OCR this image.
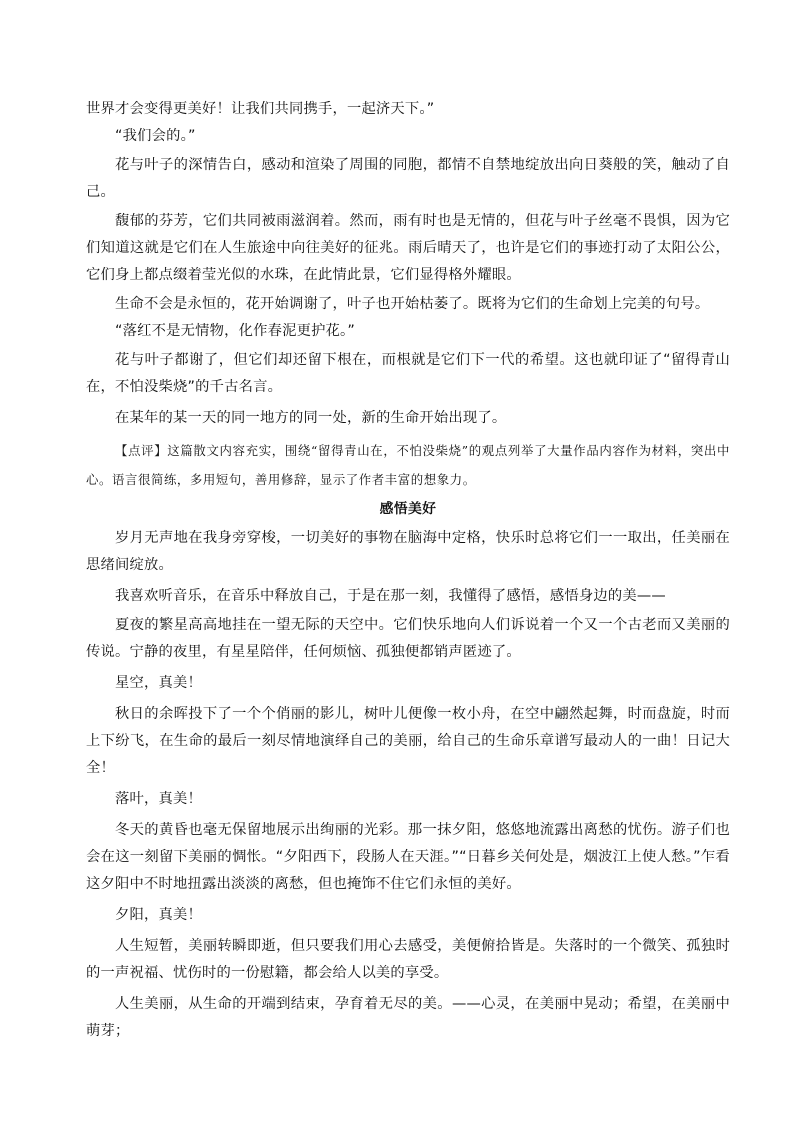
世界才会变得更美好！让我们共同携手，一起济天下。”

“我们会的。”

花与叶子的深情告白，感动和渲染了周围的同胞，都情不自禁地绽放出向日葵般的笑，触动了自己。

馥郁的芬芳，它们共同被雨滋润着。然而，雨有时也是无情的，但花与叶子丝毫不畏惧，因为它们知道这就是它们在人生旅途中向往美好的征兆。雨后晴天了，也许是它们的事迹打动了太阳公公，它们身上都点缀着莹光似的水珠，在此情此景，它们显得格外耀眼。

生命不会是永恒的，花开始调谢了，叶子也开始枯萎了。既将为它们的生命划上完美的句号。

“落红不是无情物，化作春泥更护花。”

花与叶子都谢了，但它们却还留下根在，而根就是它们下一代的希望。这也就印证了“留得青山在，不怕没柴烧”的千古名言。

在某年的某一天的同一地方的同一处，新的生命开始出现了。

【点评】这篇散文内容充实，围绕“留得青山在，不怕没柴烧”的观点列举了大量作品内容作为材料，突出中心。语言很简练，多用短句，善用修辞，显示了作者丰富的想象力。

感悟美好

岁月无声地在我身旁穿梭，一切美好的事物在脑海中定格，快乐时总将它们一一取出，任美丽在思绪间绽放。

我喜欢听音乐，在音乐中释放自己，于是在那一刻，我懂得了感悟，感悟身边的美——

夏夜的繁星高高地挂在一望无际的天空中。它们快乐地向人们诉说着一个又一个古老而又美丽的传说。宁静的夜里，有星星陪伴，任何烦恼、孤独便都销声匿迹了。

星空，真美！

秋日的余晖投下了一个个俏丽的影儿，树叶儿便像一枚小舟，在空中翩然起舞，时而盘旋，时而上下纷飞，在生命的最后一刻尽情地演绎自己的美丽，给自己的生命乐章谱写最动人的一曲！日记大全！

落叶，真美！

冬天的黄昏也毫无保留地展示出绚丽的光彩。那一抹夕阳，悠悠地流露出离愁的忧伤。游子们也会在这一刻留下美丽的惆怅。“夕阳西下，段肠人在天涯。”“日暮乡关何处是，烟波江上使人愁。”乍看这夕阳中不时地扭露出淡淡的离愁，但也掩饰不住它们永恒的美好。

夕阳，真美！

人生短暂，美丽转瞬即逝，但只要我们用心去感受，美便俯拾皆是。失落时的一个微笑、孤独时的一声祝福、忧伤时的一份慰籍，都会给人以美的享受。

人生美丽，从生命的开端到结束，孕育着无尽的美。——心灵，在美丽中晃动；希望，在美丽中萌芽；
